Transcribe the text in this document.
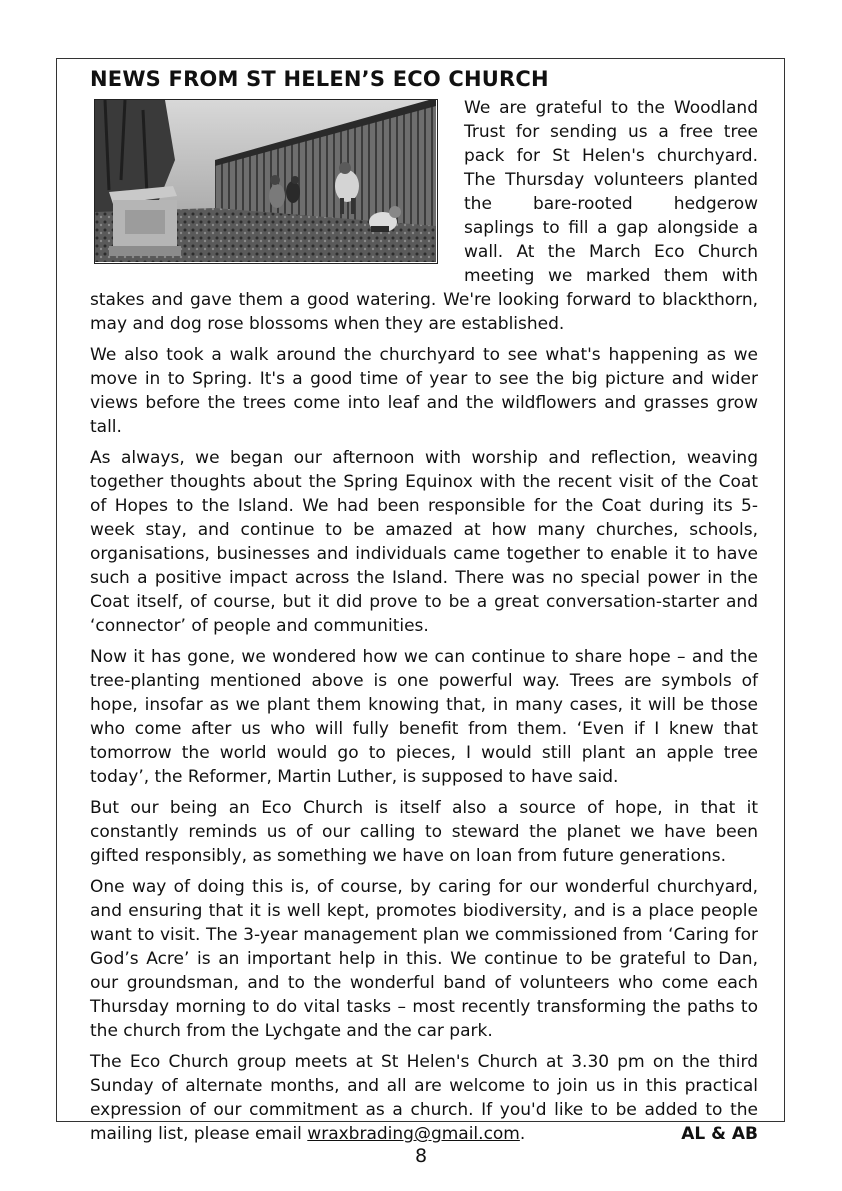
NEWS FROM ST HELEN’S ECO CHURCH

We are grateful to the Woodland Trust for sending us a free tree pack for St Helen's churchyard. The Thursday volunteers planted the bare-rooted hedgerow saplings to fill a gap alongside a wall. At the March Eco Church meeting we marked them with stakes and gave them a good watering. We're looking forward to blackthorn, may and dog rose blossoms when they are established.

We also took a walk around the churchyard to see what's happening as we move in to Spring. It's a good time of year to see the big picture and wider views before the trees come into leaf and the wildflowers and grasses grow tall.

As always, we began our afternoon with worship and reflection, weaving together thoughts about the Spring Equinox with the recent visit of the Coat of Hopes to the Island. We had been responsible for the Coat during its 5-week stay, and continue to be amazed at how many churches, schools, organisations, businesses and individuals came together to enable it to have such a positive impact across the Island. There was no special power in the Coat itself, of course, but it did prove to be a great conversation-starter and ‘connector’ of people and communities.

Now it has gone, we wondered how we can continue to share hope – and the tree-planting mentioned above is one powerful way. Trees are symbols of hope, insofar as we plant them knowing that, in many cases, it will be those who come after us who will fully benefit from them. ‘Even if I knew that tomorrow the world would go to pieces, I would still plant an apple tree today’, the Reformer, Martin Luther, is supposed to have said.

But our being an Eco Church is itself also a source of hope, in that it constantly reminds us of our calling to steward the planet we have been gifted responsibly, as something we have on loan from future generations.

One way of doing this is, of course, by caring for our wonderful churchyard, and ensuring that it is well kept, promotes biodiversity, and is a place people want to visit. The 3-year management plan we commissioned from ‘Caring for God’s Acre’ is an important help in this. We continue to be grateful to Dan, our groundsman, and to the wonderful band of volunteers who come each Thursday morning to do vital tasks – most recently transforming the paths to the church from the Lychgate and the car park.

The Eco Church group meets at St Helen's Church at 3.30 pm on the third Sunday of alternate months, and all are welcome to join us in this practical expression of our commitment as a church. If you'd like to be added to the mailing list, please email wraxbrading@gmail.com.	AL & AB

8
